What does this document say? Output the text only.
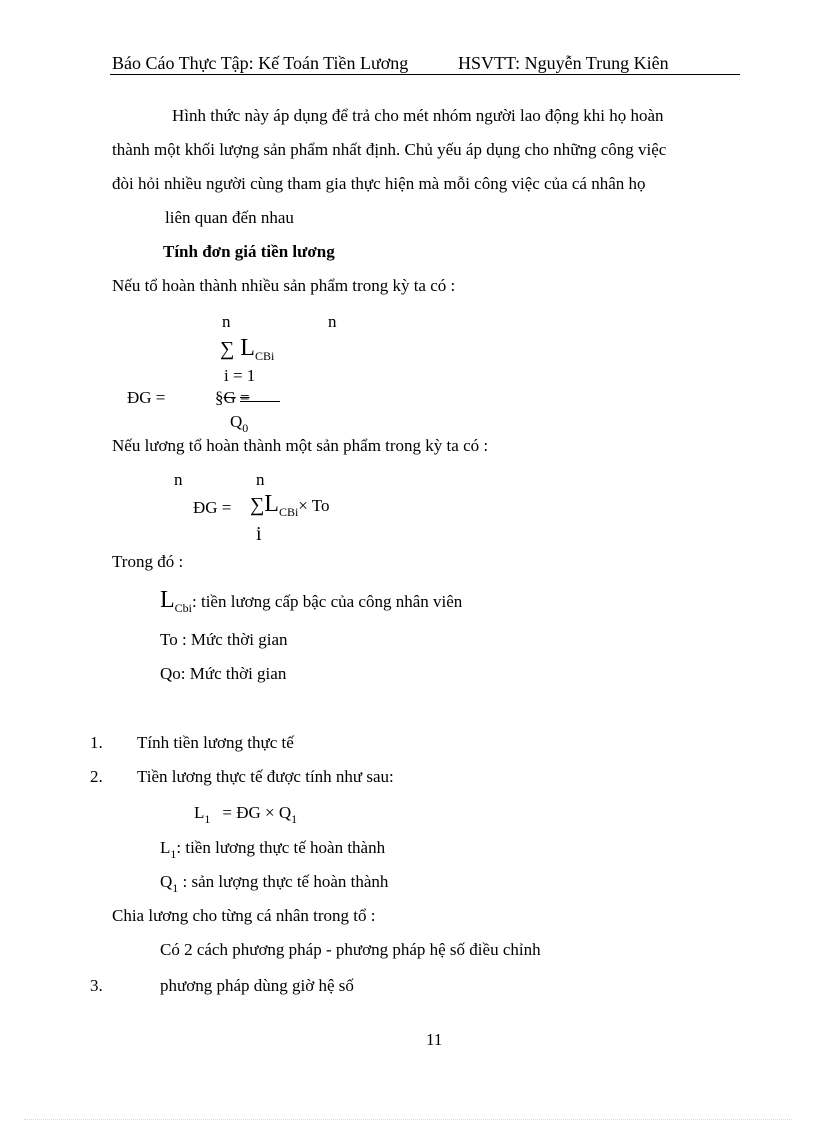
Báo Cáo Thực Tập: Kế Toán Tiền Lương	HSVTT: Nguyễn Trung Kiên
Hình thức này áp dụng để trả cho mét nhóm người lao động khi họ hoàn
thành một khối lượng sản phẩm nhất định. Chủ yếu áp dụng cho những công việc
đòi hỏi nhiều người cùng tham gia thực hiện mà mỗi công việc của cá nhân họ
liên quan đến nhau
Tính đơn giá tiền lương
Nếu tổ hoàn thành nhiều sản phẩm trong kỳ ta có :
n	n
∑ $L_{CBi}$
i = 1
ĐG =	§G =
$Q_0$
Nếu lương tổ hoàn thành một sản phẩm trong kỳ ta có :
n	n
ĐG = $\sum L_{CBi}\times To$
i
Trong đó :
$L_{Cbi}$: tiền lương cấp bậc của công nhân viên
To : Mức thời gian
Qo: Mức thời gian
1. Tính tiền lương thực tế
2. Tiền lương thực tế được tính như sau:
$L_1$ = ĐG × $Q_1$
$L_1$: tiền lương thực tế hoàn thành
$Q_1$ : sản lượng thực tế hoàn thành
Chia lương cho từng cá nhân trong tổ :
Có 2 cách phương pháp - phương pháp hệ số điều chỉnh
3.	phương pháp dùng giờ hệ số
11
